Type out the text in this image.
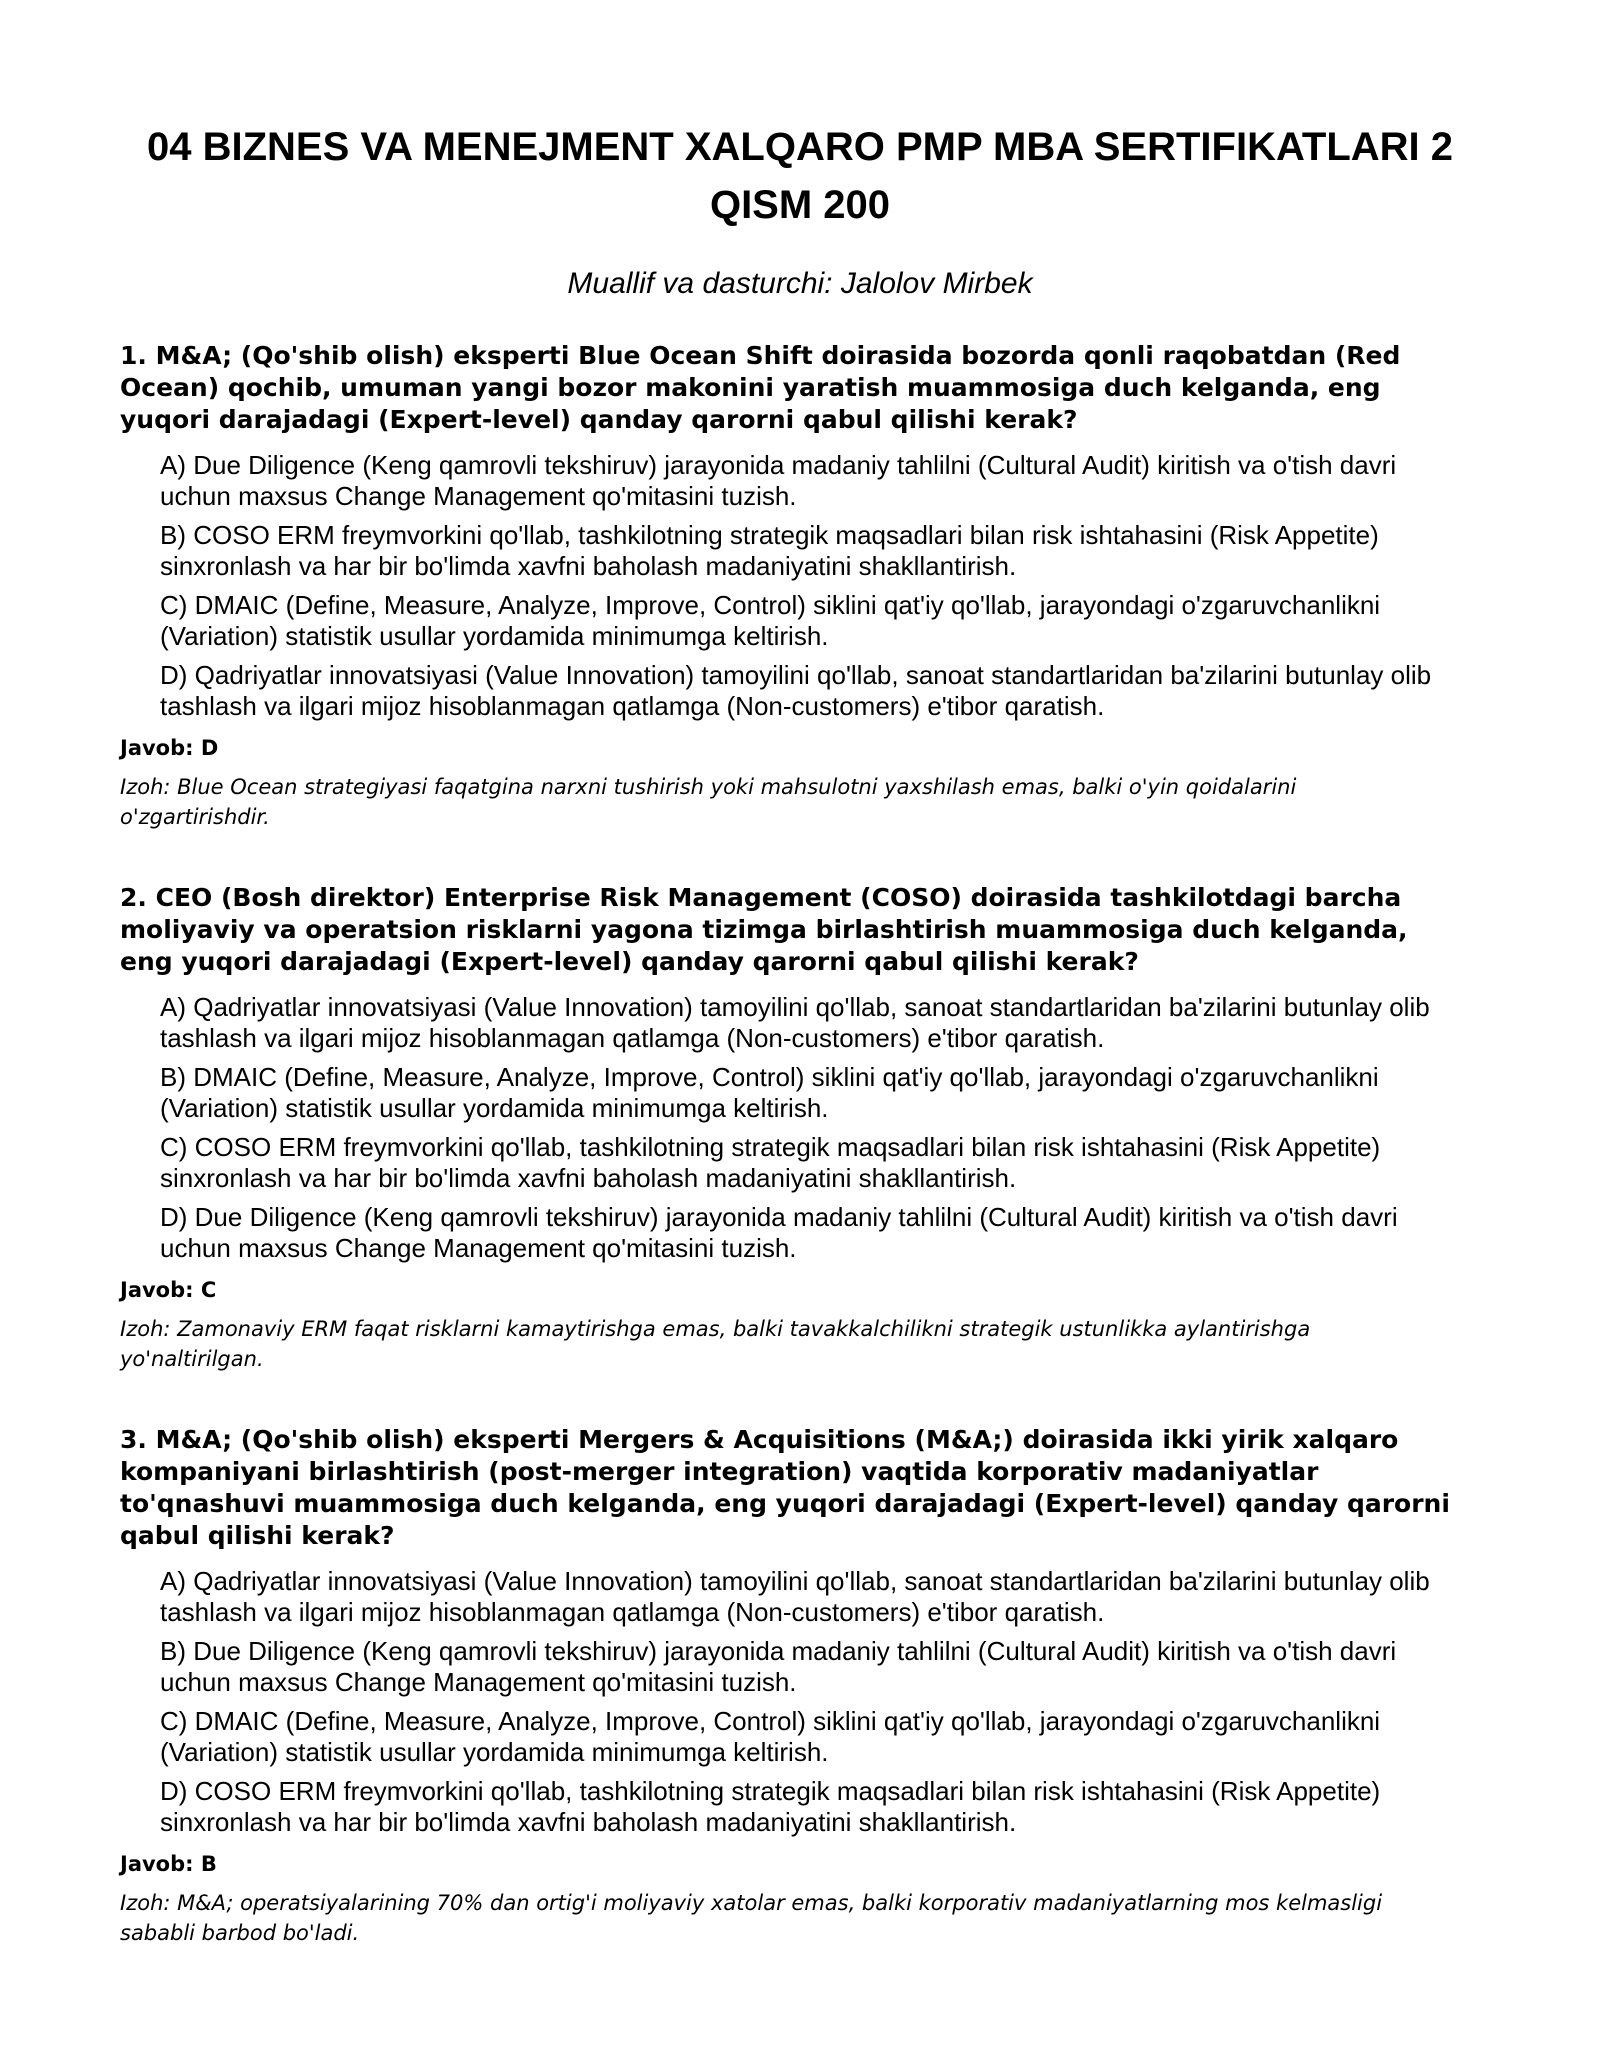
04 BIZNES VA MENEJMENT XALQARO PMP MBA SERTIFIKATLARI 2 QISM 200
Muallif va dasturchi: Jalolov Mirbek
1. M&A; (Qo'shib olish) eksperti Blue Ocean Shift doirasida bozorda qonli raqobatdan (Red Ocean) qochib, umuman yangi bozor makonini yaratish muammosiga duch kelganda, eng yuqori darajadagi (Expert-level) qanday qarorni qabul qilishi kerak?
A) Due Diligence (Keng qamrovli tekshiruv) jarayonida madaniy tahlilni (Cultural Audit) kiritish va o'tish davri uchun maxsus Change Management qo'mitasini tuzish.
B) COSO ERM freymvorkini qo'llab, tashkilotning strategik maqsadlari bilan risk ishtahasini (Risk Appetite) sinxronlash va har bir bo'limda xavfni baholash madaniyatini shakllantirish.
C) DMAIC (Define, Measure, Analyze, Improve, Control) siklini qat'iy qo'llab, jarayondagi o'zgaruvchanlikni (Variation) statistik usullar yordamida minimumga keltirish.
D) Qadriyatlar innovatsiyasi (Value Innovation) tamoyilini qo'llab, sanoat standartlaridan ba'zilarini butunlay olib tashlash va ilgari mijoz hisoblanmagan qatlamga (Non-customers) e'tibor qaratish.
Javob: D
Izoh: Blue Ocean strategiyasi faqatgina narxni tushirish yoki mahsulotni yaxshilash emas, balki o'yin qoidalarini o'zgartirishdir.
2. CEO (Bosh direktor) Enterprise Risk Management (COSO) doirasida tashkilotdagi barcha moliyaviy va operatsion risklarni yagona tizimga birlashtirish muammosiga duch kelganda, eng yuqori darajadagi (Expert-level) qanday qarorni qabul qilishi kerak?
A) Qadriyatlar innovatsiyasi (Value Innovation) tamoyilini qo'llab, sanoat standartlaridan ba'zilarini butunlay olib tashlash va ilgari mijoz hisoblanmagan qatlamga (Non-customers) e'tibor qaratish.
B) DMAIC (Define, Measure, Analyze, Improve, Control) siklini qat'iy qo'llab, jarayondagi o'zgaruvchanlikni (Variation) statistik usullar yordamida minimumga keltirish.
C) COSO ERM freymvorkini qo'llab, tashkilotning strategik maqsadlari bilan risk ishtahasini (Risk Appetite) sinxronlash va har bir bo'limda xavfni baholash madaniyatini shakllantirish.
D) Due Diligence (Keng qamrovli tekshiruv) jarayonida madaniy tahlilni (Cultural Audit) kiritish va o'tish davri uchun maxsus Change Management qo'mitasini tuzish.
Javob: C
Izoh: Zamonaviy ERM faqat risklarni kamaytirishga emas, balki tavakkalchilikni strategik ustunlikka aylantirishga yo'naltirilgan.
3. M&A; (Qo'shib olish) eksperti Mergers & Acquisitions (M&A;) doirasida ikki yirik xalqaro kompaniyani birlashtirish (post-merger integration) vaqtida korporativ madaniyatlar to'qnashuvi muammosiga duch kelganda, eng yuqori darajadagi (Expert-level) qanday qarorni qabul qilishi kerak?
A) Qadriyatlar innovatsiyasi (Value Innovation) tamoyilini qo'llab, sanoat standartlaridan ba'zilarini butunlay olib tashlash va ilgari mijoz hisoblanmagan qatlamga (Non-customers) e'tibor qaratish.
B) Due Diligence (Keng qamrovli tekshiruv) jarayonida madaniy tahlilni (Cultural Audit) kiritish va o'tish davri uchun maxsus Change Management qo'mitasini tuzish.
C) DMAIC (Define, Measure, Analyze, Improve, Control) siklini qat'iy qo'llab, jarayondagi o'zgaruvchanlikni (Variation) statistik usullar yordamida minimumga keltirish.
D) COSO ERM freymvorkini qo'llab, tashkilotning strategik maqsadlari bilan risk ishtahasini (Risk Appetite) sinxronlash va har bir bo'limda xavfni baholash madaniyatini shakllantirish.
Javob: B
Izoh: M&A; operatsiyalarining 70% dan ortig'i moliyaviy xatolar emas, balki korporativ madaniyatlarning mos kelmasligi sababli barbod bo'ladi.
